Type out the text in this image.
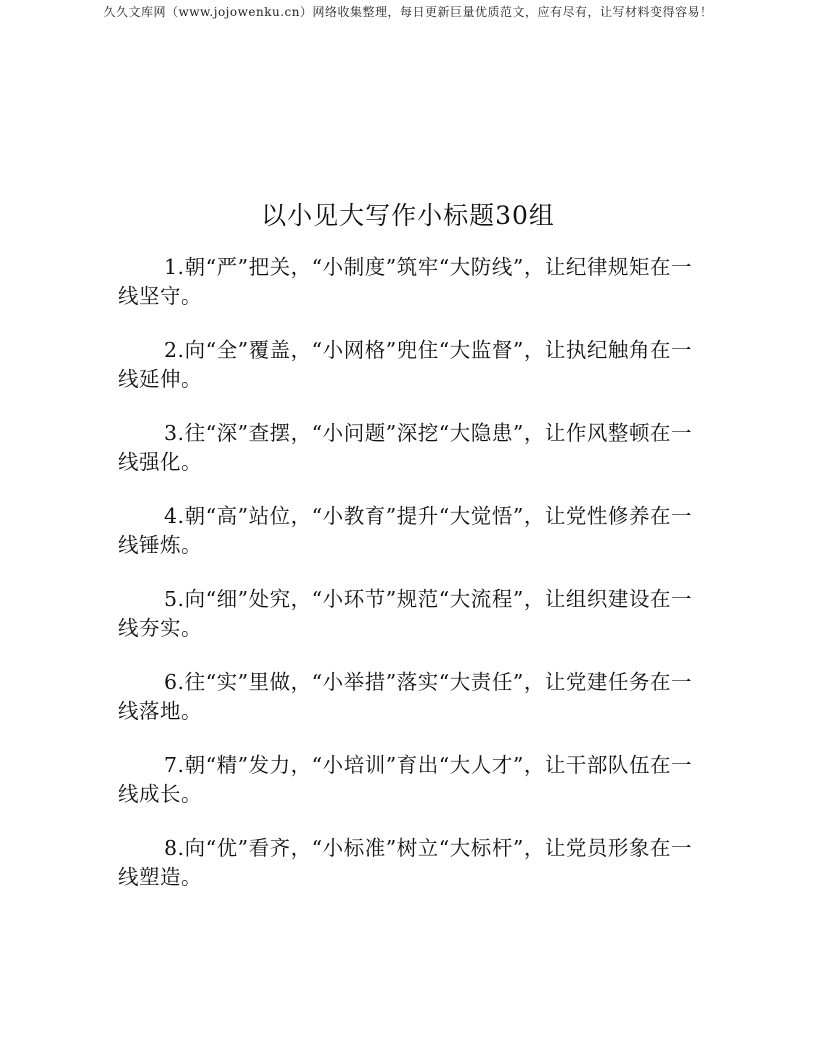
久久文库网（www.jojowenku.cn）网络收集整理，每日更新巨量优质范文，应有尽有，让写材料变得容易！
以小见大写作小标题30组

1.朝“严”把关，“小制度”筑牢“大防线”，让纪律规矩在一线坚守。

2.向“全”覆盖，“小网格”兜住“大监督”，让执纪触角在一线延伸。

3.往“深”查摆，“小问题”深挖“大隐患”，让作风整顿在一线强化。

4.朝“高”站位，“小教育”提升“大觉悟”，让党性修养在一线锤炼。

5.向“细”处究，“小环节”规范“大流程”，让组织建设在一线夯实。

6.往“实”里做，“小举措”落实“大责任”，让党建任务在一线落地。

7.朝“精”发力，“小培训”育出“大人才”，让干部队伍在一线成长。

8.向“优”看齐，“小标准”树立“大标杆”，让党员形象在一线塑造。
